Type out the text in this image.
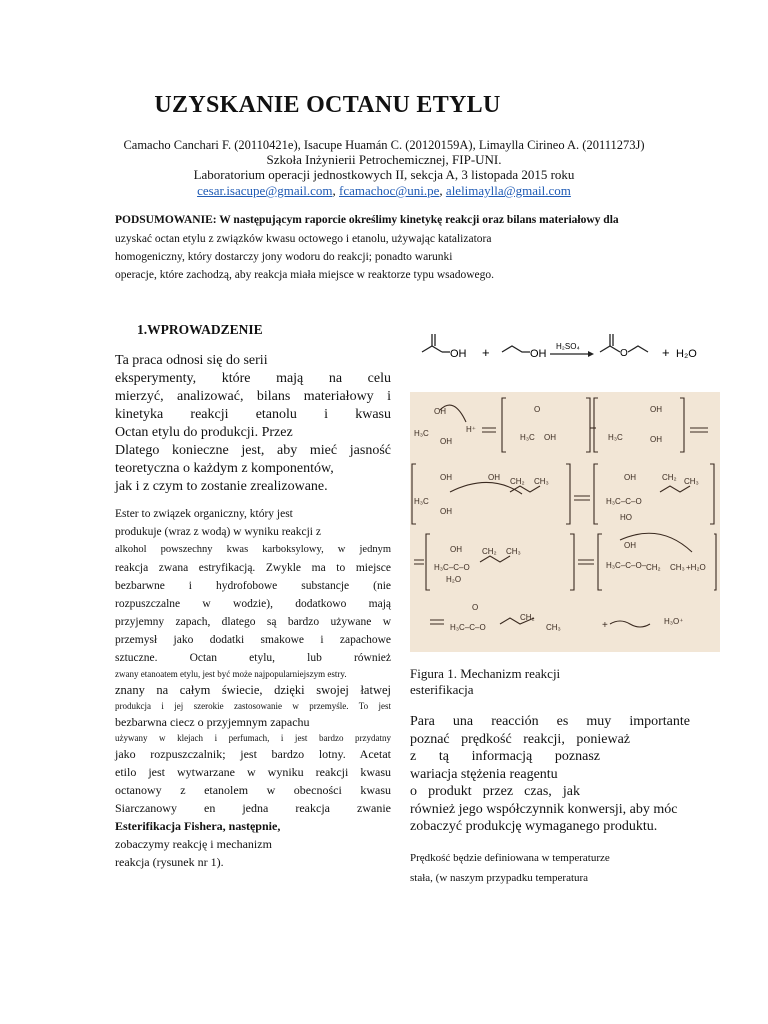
UZYSKANIE OCTANU ETYLU
Camacho Canchari F. (20110421e), Isacupe Huamán C. (20120159A), Limaylla Cirineo A. (20111273J)
Szkoła Inżynierii Petrochemicznej, FIP-UNI.
Laboratorium operacji jednostkowych II, sekcja A, 3 listopada 2015 roku
cesar.isacupe@gmail.com, fcamachoc@uni.pe, alelimaylla@gmail.com
PODSUMOWANIE: W następującym raporcie określimy kinetykę reakcji oraz bilans materiałowy dla
uzyskać octan etylu z związków kwasu octowego i etanolu, używając katalizatora
homogeniczny, który dostarczy jony wodoru do reakcji; ponadto warunki
operacje, które zachodzą, aby reakcja miała miejsce w reaktorze typu wsadowego.
1.WPROWADZENIE
Ta praca odnosi się do serii
eksperymenty, które mają na celu
mierzyć, analizować, bilans materiałowy i
kinetyka reakcji etanolu i kwasu
Octan etylu do produkcji. Przez
Dlatego konieczne jest, aby mieć jasność
teoretyczna o każdym z komponentów,
jak i z czym to zostanie zrealizowane.
Ester to związek organiczny, który jest
produkuje (wraz z wodą) w wyniku reakcji z
alkohol powszechny kwas karboksylowy, w jednym
reakcja zwana estryfikacją. Zwykle ma to miejsce
bezbarwne i hydrofobowe substancje (nie
rozpuszczalne w wodzie), dodatkowo mają
przyjemny zapach, dlatego są bardzo używane w
przemysł jako dodatki smakowe i zapachowe
sztuczne. Octan etylu, lub również
zwany etanoatem etylu, jest być może najpopularniejszym estry.
znany na całym świecie, dzięki swojej łatwej
produkcja i jej szerokie zastosowanie w przemyśle. To jest
bezbarwna ciecz o przyjemnym zapachu
używany w klejach i perfumach, i jest bardzo przydatny
jako rozpuszczalnik; jest bardzo lotny. Acetat
etilo jest wytwarzane w wyniku reakcji kwasu
octanowy z etanolem w obecności kwasu
Siarczanowy en jedna reakcja zwanie
Esterifikacja Fishera, następnie,
zobaczymy reakcję i mechanizm
reakcja (rysunek nr 1).
OH +	OH
H₂SO₄
O	+ H₂O
H₃C
OH
OH
H⁺
O
H₃C OH	H₃C
OH
OH
H₃C
OH
OH
OH CH₂ CH₃
H₃C–C–O
OH	CH₂ CH₃
HO
H₃C–C–O
OH	CH₂ CH₃
H₂O
H₃C–C–O–
OH
CH₂ CH₃ +H₂O
H₃C–C–O
O
CH₂
CH₃
H₃O⁺
+
Figura 1. Mechanizm reakcji
esterifikacja
Para una reacción es muy importante
poznać prędkość reakcji, ponieważ
z tą informacją poznasz
wariacja stężenia reagentu
o produkt przez czas, jak
również jego współczynnik konwersji, aby móc
zobaczyć produkcję wymaganego produktu.
Prędkość będzie definiowana w temperaturze
stała, (w naszym przypadku temperatura
